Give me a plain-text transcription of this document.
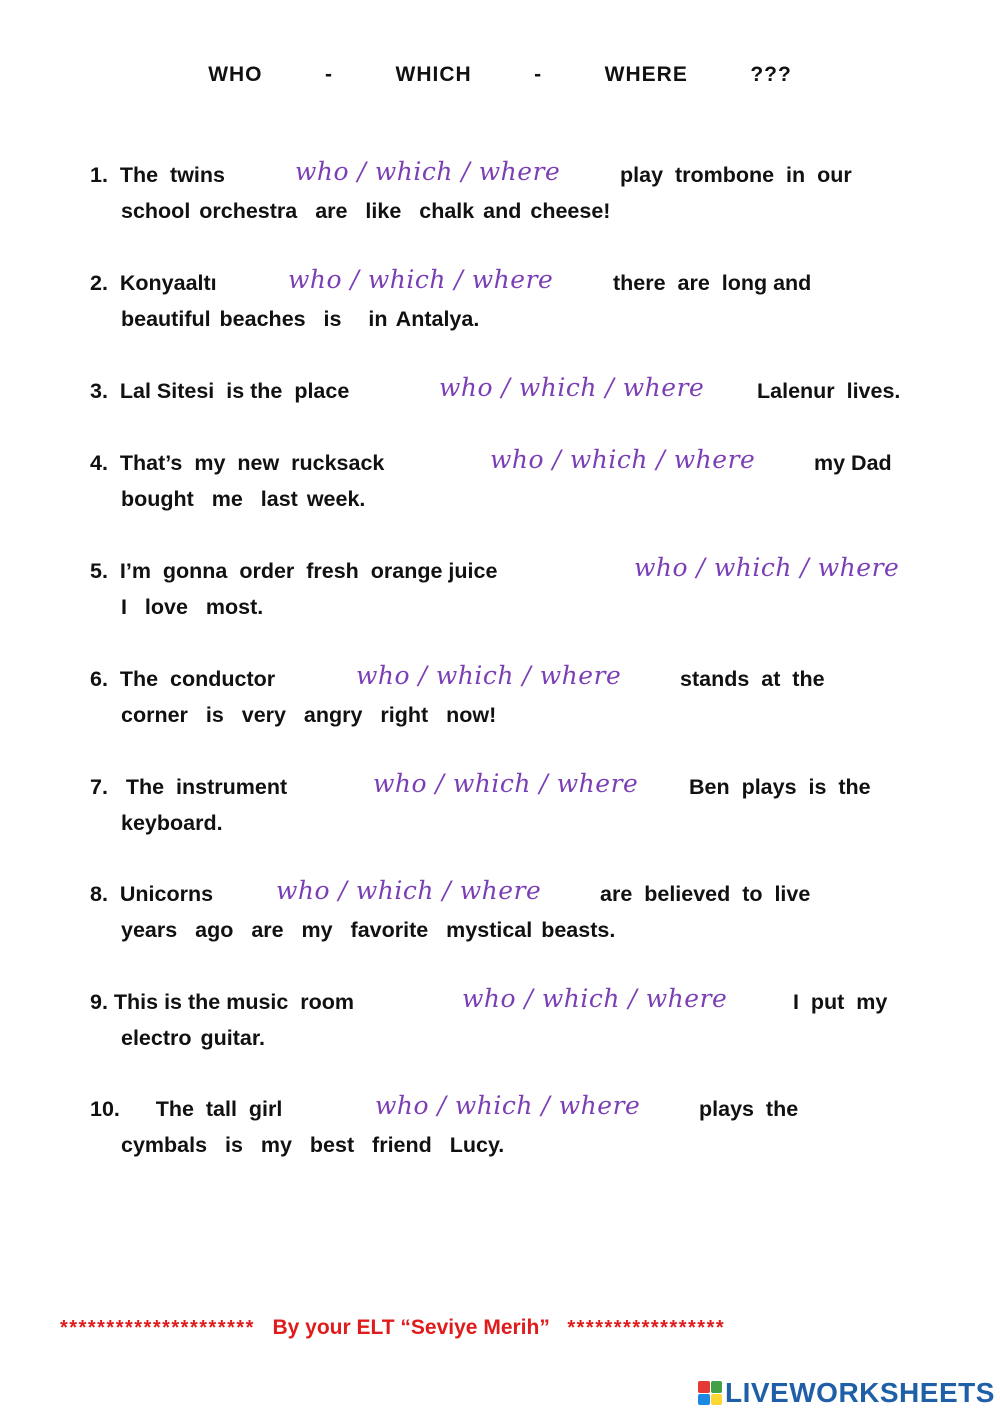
WHO   -   WHICH   -   WHERE   ???
1.  The  twins	who / which / where	play  trombone  in  our
school orchestra  are  like  chalk and cheese!
2.  Konyaaltı	who / which / where	there  are  long and
beautiful beaches  is   in Antalya.
3.  Lal Sitesi  is the  place	who / which / where Lalenur  lives.
4.  That’s  my  new  rucksack	who / which / where	my Dad
bought  me  last week.
5.  I’m  gonna  order  fresh  orange juice	who / which / where
I  love  most.
6.  The  conductor	who / which / where	stands  at  the
corner  is  very  angry  right  now!
7.   The  instrument	who / which / where Ben  plays  is  the
keyboard.
8.  Unicorns	who / which / where	are  believed  to  live
years  ago  are  my  favorite  mystical beasts.
9. This is the music  room	who / which / where	I  put  my
electro guitar.
10.      The  tall  girl	who / which / where	plays  the
cymbals  is  my  best  friend  Lucy.
********************* By your ELT “Seviye Merih” *****************
LIVEWORKSHEETS
